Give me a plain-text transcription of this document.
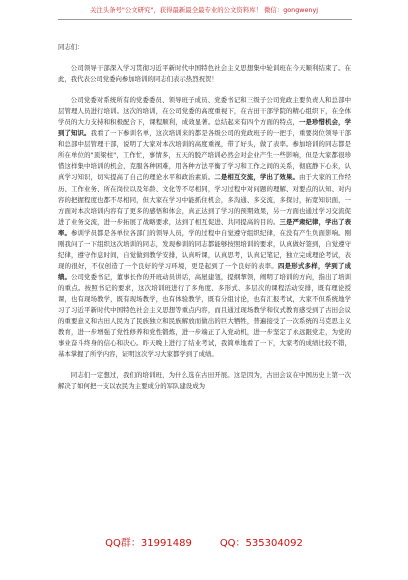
关注头条号"公文研究"，获得最新最全最专业的公文资料库！ 微信：gongwenyj

同志们：

公司领导干部深入学习贯彻习近平新时代中国特色社会主义思想集中轮训班在今天顺利结束了。在此，我代表公司党委向参加培训的同志们表示热烈祝贺！

公司党委对系统所有的党委委员、领导班子成员、党委书记和三级子公司党政主要负责人和总部中层管理人员进行培训。这次的培训，在公司党委的高度重视下，在古田干部学院的精心组织下，在全体学员的大力支持和积极配合下，课程顺利，成效显著。总结起来有四个方面的特点，一是珍惜机会，学到了知识。我看了一下参训名单，这次培训来的都是各级公司的党政班子的一把手，重要岗位领导干部和总部中层管理干部，说明了大家对本次培训的高度重视，带了好头，做了表率。参加培训的同志都是所在单位的"顶梁柱"，工作忙，事情多，五天的脱产培训必然会对企业产生一些影响，但是大家都很珍惜这样集中培训的机会，克服各种困难，用各种方法平衡了学习和工作之间的关系，彻底静下心来，认真学习知识，切实提高了自己的理论水平和政治素质。二是相互交流，学出了效果。由于大家的工作经历、工作业务、所在岗位以及年龄、文化等不尽相同，学习过程中对问题的理解、对要点的认知、对内容的把握程度也都不尽相同，但大家在学习中能抓住机会，多沟通、多交流，多探讨，拓宽知识面，一方面对本次培训内容有了更多的感悟和体会，真正达到了学习的预期效果，另一方面也通过学习交流促进了业务交流，进一步拓展了战略要求，达到了相互促进、共同提高的目的。三是严肃纪律，学出了表率。参训学员都是各单位各部门的领导人员，学的过程中自觉遵守组织纪律，在没有产生负面影响。刚刚我问了一下组织这次培训的同志，发现参训的同志都能够按照培训的要求，认真做好签到，自觉遵守纪律，遵守作息时间，自觉做到教学安排，认真听课，认真思考，认真记笔记，独立完成理论考试，表现的很好，不仅创造了一个良好的学习环境，更是起到了一个良好的表率。四是形式多样，学到了成绩。公司党委书记，董事长作的开班动员讲话，高屋建瓴，提纲挈领，阐明了培训的方向，指出了培训的重点。按照书记的要求，这次培训班进行了多角度、多形式、多层次的课程活动安排，既有理论授课，也有现场教学，既有现场教学，也有体验教学，既有分组讨论，也有汇报考试，大家不但系统地学习了习近平新时代中国特色社会主义思想等重点内容，而且通过现场教学和仪式教育感受到了古田会议的重要意义和古田人民为了民族独立和民族解放而做出的巨大牺牲，普遍接受了一次系统的马克思主义教育，进一步增强了党性修养和党性锻炼，进一步端正了入党动机，进一步坚定了永远跟党走，为党的事业奋斗终身的信心和决心。昨天晚上进行了结业考试，我简单地看了一下，大家考的成绩比较不错，基本掌握了所学内容，证明这次学习大家都学到了成绩。

同志们一定想过，我们的培训班，为什么选在古田开展。这是因为，古田会议在中国历史上第一次解决了如何把一支以农民为主要成分的军队建设成为

QQ群：31991489	QQ：535304092
